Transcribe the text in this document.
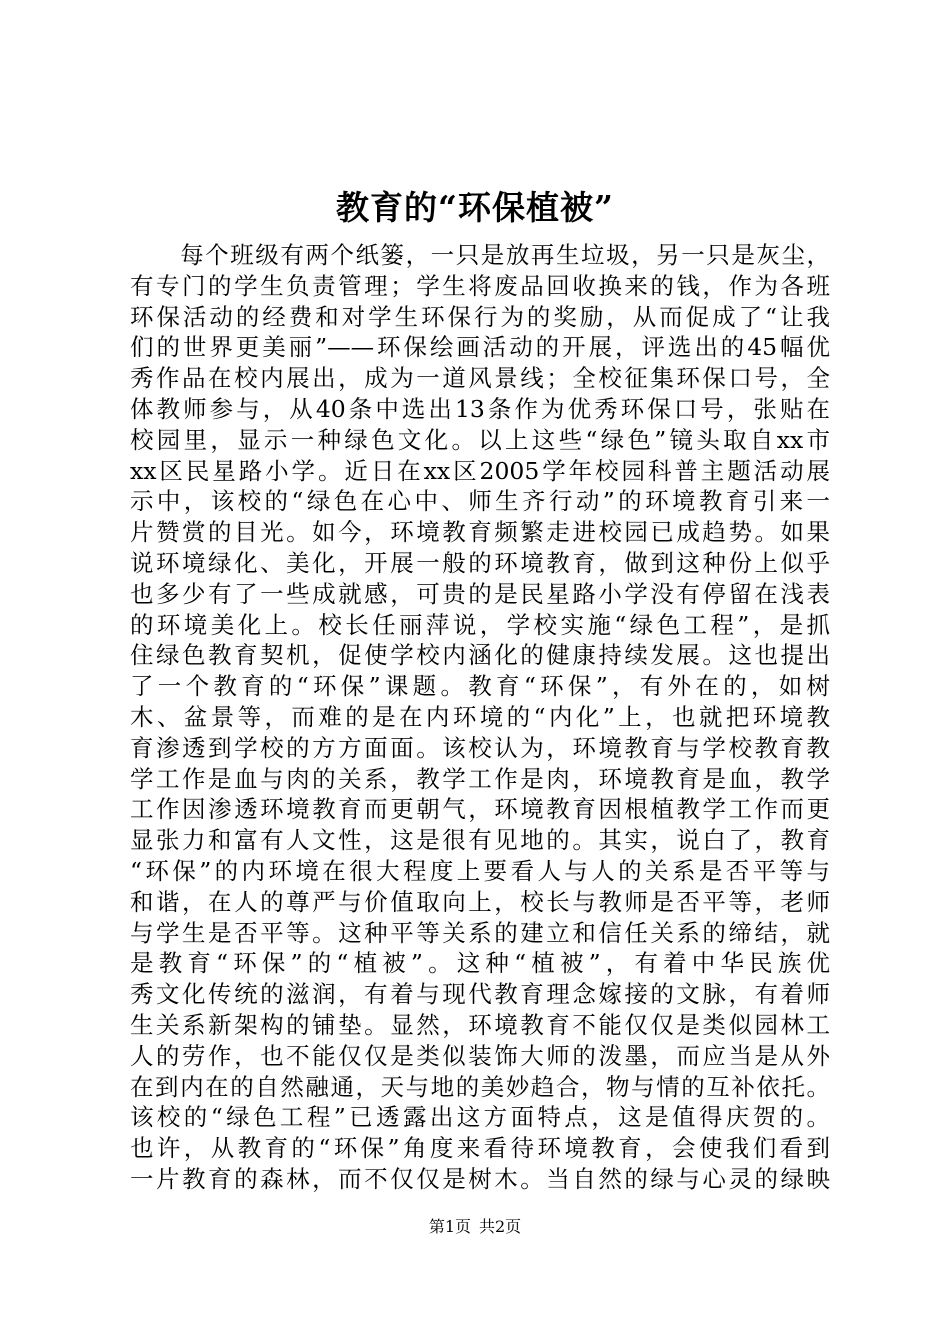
教育的“环保植被”
　　每个班级有两个纸篓，一只是放再生垃圾，另一只是灰尘，
有专门的学生负责管理；学生将废品回收换来的钱，作为各班
环保活动的经费和对学生环保行为的奖励，从而促成了“让我
们的世界更美丽”——环保绘画活动的开展，评选出的45幅优
秀作品在校内展出，成为一道风景线；全校征集环保口号，全
体教师参与，从40条中选出13条作为优秀环保口号，张贴在
校园里，显示一种绿色文化。以上这些“绿色”镜头取自xx市
xx区民星路小学。近日在xx区2005学年校园科普主题活动展
示中，该校的“绿色在心中、师生齐行动”的环境教育引来一
片赞赏的目光。如今，环境教育频繁走进校园已成趋势。如果
说环境绿化、美化，开展一般的环境教育，做到这种份上似乎
也多少有了一些成就感，可贵的是民星路小学没有停留在浅表
的环境美化上。校长任丽萍说，学校实施“绿色工程”，是抓
住绿色教育契机，促使学校内涵化的健康持续发展。这也提出
了一个教育的“环保”课题。教育“环保”，有外在的，如树
木、盆景等，而难的是在内环境的“内化”上，也就把环境教
育渗透到学校的方方面面。该校认为，环境教育与学校教育教
学工作是血与肉的关系，教学工作是肉，环境教育是血，教学
工作因渗透环境教育而更朝气，环境教育因根植教学工作而更
显张力和富有人文性，这是很有见地的。其实，说白了，教育
“环保”的内环境在很大程度上要看人与人的关系是否平等与
和谐，在人的尊严与价值取向上，校长与教师是否平等，老师
与学生是否平等。这种平等关系的建立和信任关系的缔结，就
是教育“环保”的“植被”。这种“植被”，有着中华民族优
秀文化传统的滋润，有着与现代教育理念嫁接的文脉，有着师
生关系新架构的铺垫。显然，环境教育不能仅仅是类似园林工
人的劳作，也不能仅仅是类似装饰大师的泼墨，而应当是从外
在到内在的自然融通，天与地的美妙趋合，物与情的互补依托。
该校的“绿色工程”已透露出这方面特点，这是值得庆贺的。
也许，从教育的“环保”角度来看待环境教育，会使我们看到
一片教育的森林，而不仅仅是树木。当自然的绿与心灵的绿映
第1页 共2页
